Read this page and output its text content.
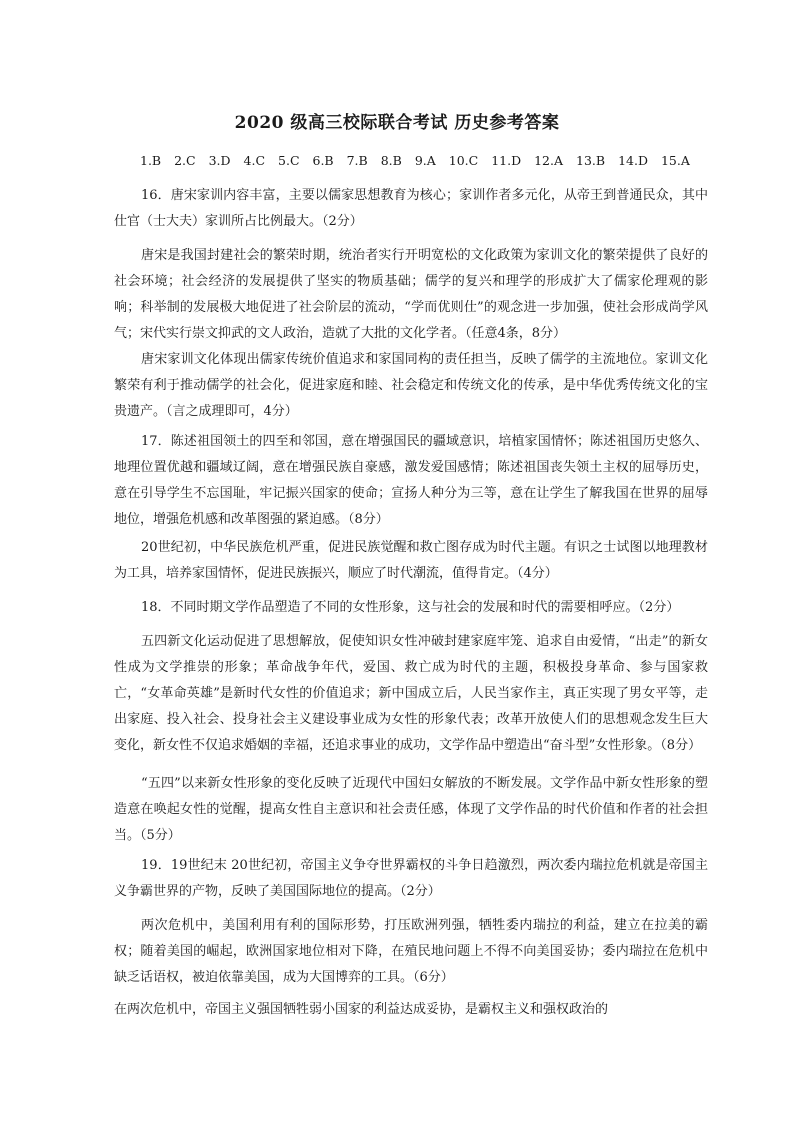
2020 级高三校际联合考试 历史参考答案
1.B 2.C 3.D 4.C 5.C 6.B 7.B 8.B 9.A 10.C 11.D 12.A 13.B 14.D 15.A

16．唐宋家训内容丰富，主要以儒家思想教育为核心；家训作者多元化，从帝王到普通民众，其中仕官（士大夫）家训所占比例最大。（2分）

唐宋是我国封建社会的繁荣时期，统治者实行开明宽松的文化政策为家训文化的繁荣提供了良好的社会环境；社会经济的发展提供了坚实的物质基础；儒学的复兴和理学的形成扩大了儒家伦理观的影响；科举制的发展极大地促进了社会阶层的流动，“学而优则仕”的观念进一步加强，使社会形成尚学风气；宋代实行崇文抑武的文人政治，造就了大批的文化学者。（任意4条，8分）

唐宋家训文化体现出儒家传统价值追求和家国同构的责任担当，反映了儒学的主流地位。家训文化繁荣有利于推动儒学的社会化，促进家庭和睦、社会稳定和传统文化的传承，是中华优秀传统文化的宝贵遗产。（言之成理即可，4分）

17．陈述祖国领土的四至和邻国，意在增强国民的疆域意识，培植家国情怀；陈述祖国历史悠久、地理位置优越和疆域辽阔，意在增强民族自豪感，激发爱国感情；陈述祖国丧失领土主权的屈辱历史，意在引导学生不忘国耻，牢记振兴国家的使命；宣扬人种分为三等，意在让学生了解我国在世界的屈辱地位，增强危机感和改革图强的紧迫感。（8分）

20世纪初，中华民族危机严重，促进民族觉醒和救亡图存成为时代主题。有识之士试图以地理教材为工具，培养家国情怀，促进民族振兴，顺应了时代潮流，值得肯定。（4分）

18．不同时期文学作品塑造了不同的女性形象，这与社会的发展和时代的需要相呼应。（2分）

五四新文化运动促进了思想解放，促使知识女性冲破封建家庭牢笼、追求自由爱情，“出走”的新女性成为文学推崇的形象；革命战争年代，爱国、救亡成为时代的主题，积极投身革命、参与国家救亡，“女革命英雄”是新时代女性的价值追求；新中国成立后，人民当家作主，真正实现了男女平等，走出家庭、投入社会、投身社会主义建设事业成为女性的形象代表；改革开放使人们的思想观念发生巨大变化，新女性不仅追求婚姻的幸福，还追求事业的成功，文学作品中塑造出“奋斗型”女性形象。（8分）

“五四”以来新女性形象的变化反映了近现代中国妇女解放的不断发展。文学作品中新女性形象的塑造意在唤起女性的觉醒，提高女性自主意识和社会责任感，体现了文学作品的时代价值和作者的社会担当。（5分）

19．19世纪末 20世纪初，帝国主义争夺世界霸权的斗争日趋激烈，两次委内瑞拉危机就是帝国主义争霸世界的产物，反映了美国国际地位的提高。（2分）

两次危机中，美国利用有利的国际形势，打压欧洲列强，牺牲委内瑞拉的利益，建立在拉美的霸权；随着美国的崛起，欧洲国家地位相对下降，在殖民地问题上不得不向美国妥协；委内瑞拉在危机中缺乏话语权，被迫依靠美国，成为大国博弈的工具。（6分）

在两次危机中，帝国主义强国牺牲弱小国家的利益达成妥协，是霸权主义和强权政治的
